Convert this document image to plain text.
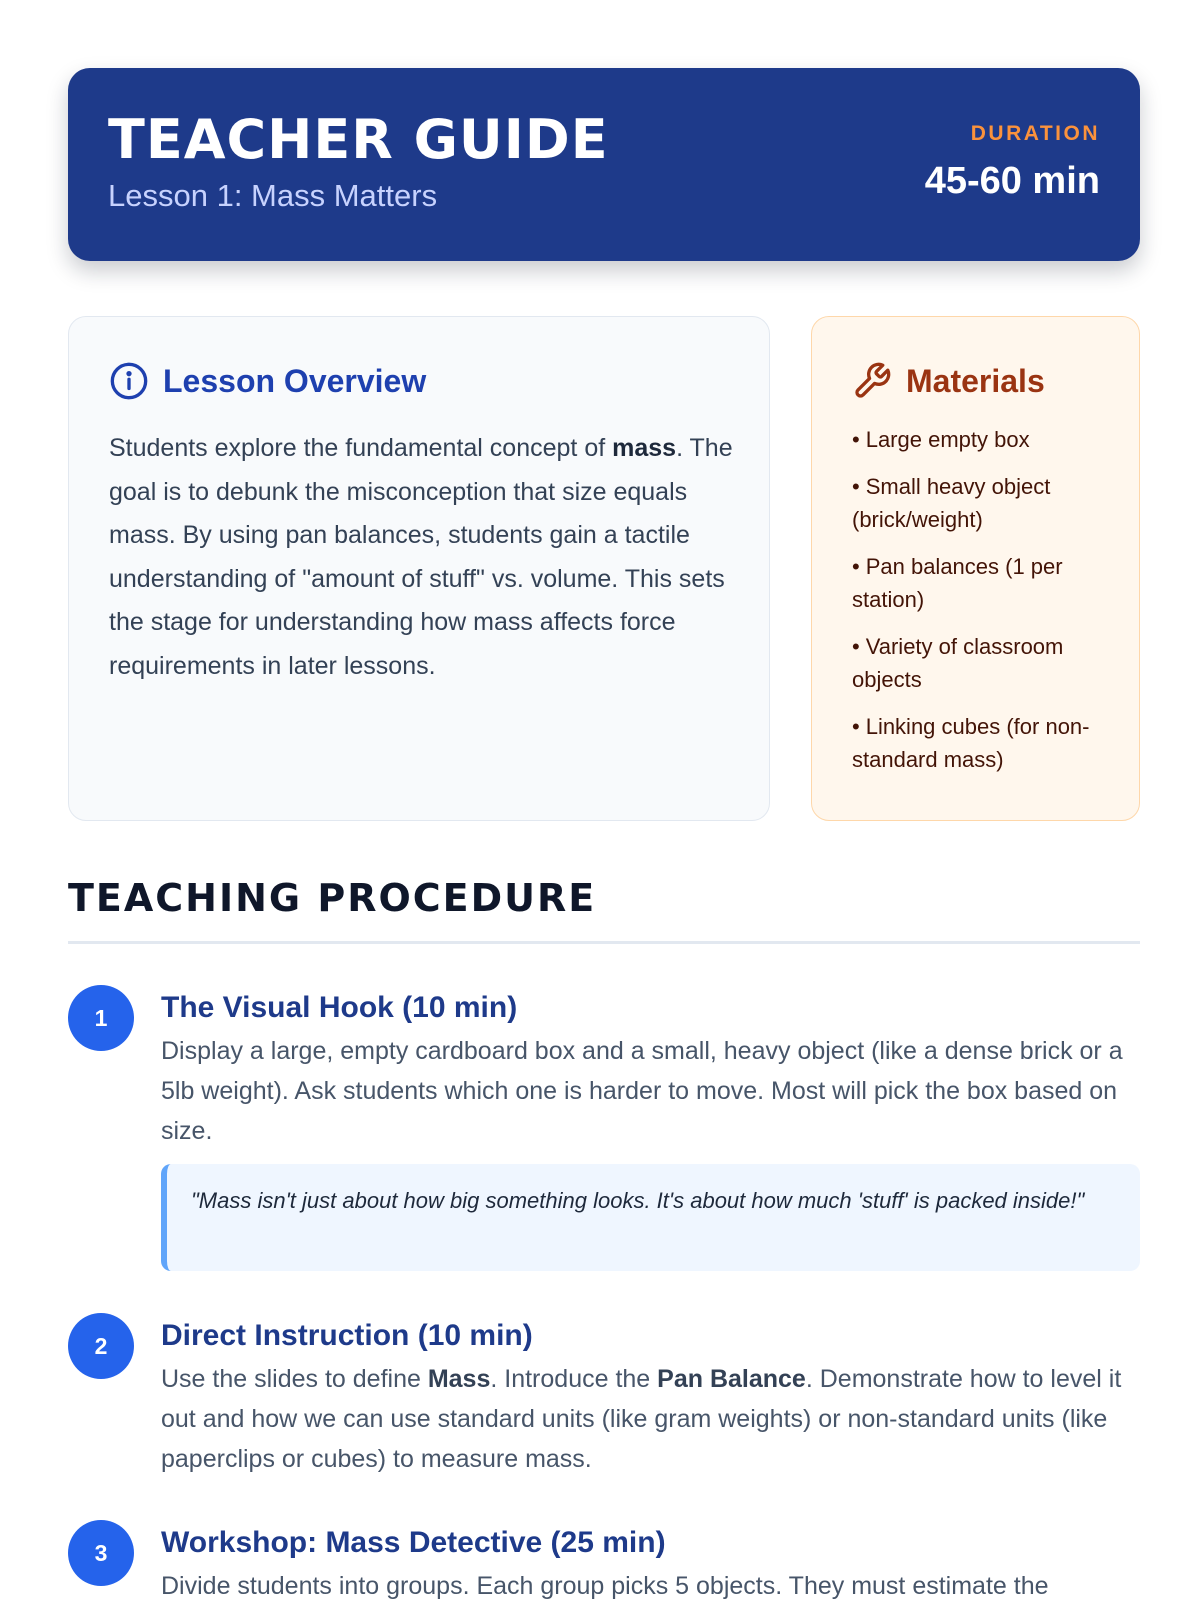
TEACHER GUIDE
Lesson 1: Mass Matters
DURATION
45-60 min
Lesson Overview

Students explore the fundamental concept of mass. The goal is to debunk the misconception that size equals mass. By using pan balances, students gain a tactile understanding of "amount of stuff" vs. volume. This sets the stage for understanding how mass affects force requirements in later lessons.

Materials
• Large empty box
• Small heavy object (brick/weight)
• Pan balances (1 per station)
• Variety of classroom objects
• Linking cubes (for non-standard mass)
TEACHING PROCEDURE
1	The Visual Hook (10 min)

Display a large, empty cardboard box and a small, heavy object (like a dense brick or a 5lb weight). Ask students which one is harder to move. Most will pick the box based on size.

"Mass isn't just about how big something looks. It's about how much 'stuff' is packed inside!"

2	Direct Instruction (10 min)

Use the slides to define Mass. Introduce the Pan Balance. Demonstrate how to level it out and how we can use standard units (like gram weights) or non-standard units (like paperclips or cubes) to measure mass.

3	Workshop: Mass Detective (25 min)

Divide students into groups. Each group picks 5 objects. They must estimate the
